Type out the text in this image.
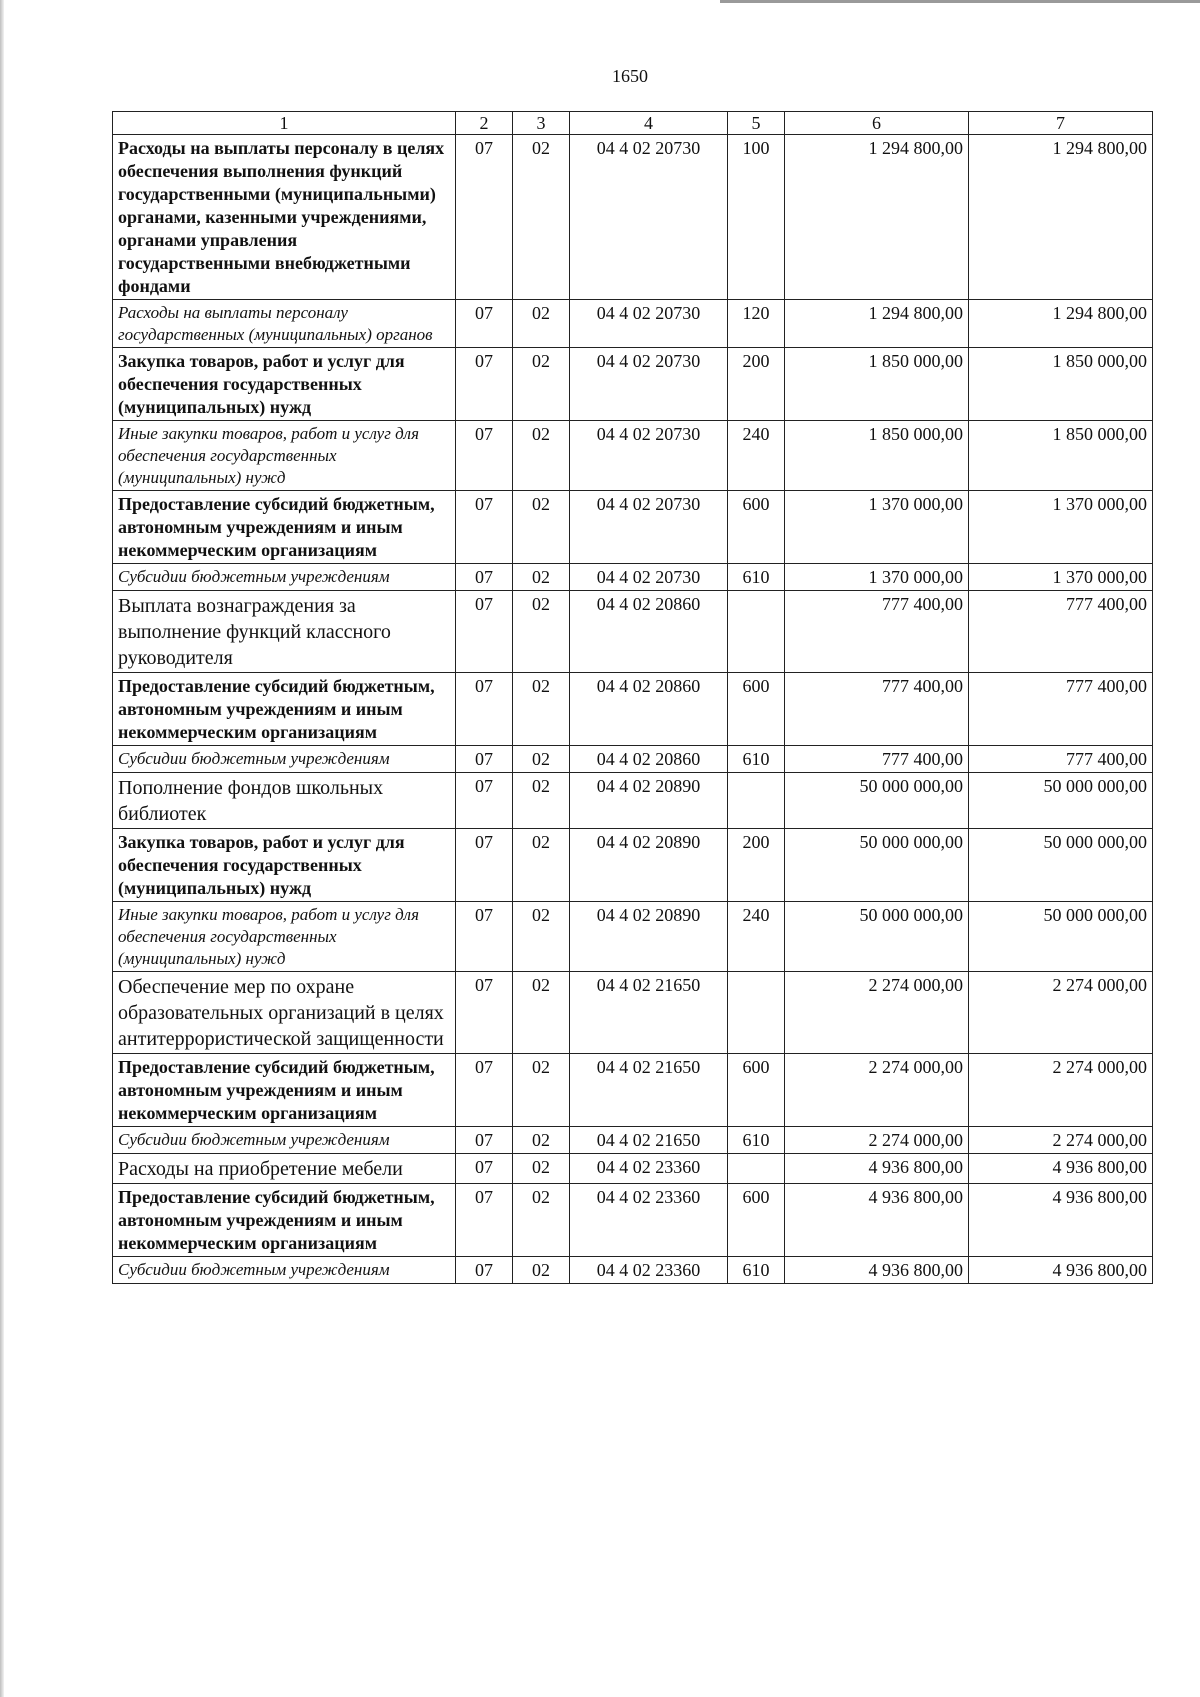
1650
1	2	3	4	5	6	7
Расходы на выплаты персоналу в целях обеспечения выполнения функций государственными (муниципальными) органами, казенными учреждениями, органами управления государственными внебюджетными фондами	07	02	04 4 02 20730	100	1 294 800,00	1 294 800,00
Расходы на выплаты персоналу государственных (муниципальных) органов	07	02	04 4 02 20730	120	1 294 800,00	1 294 800,00
Закупка товаров, работ и услуг для обеспечения государственных (муниципальных) нужд	07	02	04 4 02 20730	200	1 850 000,00	1 850 000,00
Иные закупки товаров, работ и услуг для обеспечения государственных (муниципальных) нужд	07	02	04 4 02 20730	240	1 850 000,00	1 850 000,00
Предоставление субсидий бюджетным, автономным учреждениям и иным некоммерческим организациям	07	02	04 4 02 20730	600	1 370 000,00	1 370 000,00
Субсидии бюджетным учреждениям	07	02	04 4 02 20730	610	1 370 000,00	1 370 000,00
Выплата вознаграждения за выполнение функций классного руководителя	07	02	04 4 02 20860		777 400,00	777 400,00
Предоставление субсидий бюджетным, автономным учреждениям и иным некоммерческим организациям	07	02	04 4 02 20860	600	777 400,00	777 400,00
Субсидии бюджетным учреждениям	07	02	04 4 02 20860	610	777 400,00	777 400,00
Пополнение фондов школьных библиотек	07	02	04 4 02 20890		50 000 000,00	50 000 000,00
Закупка товаров, работ и услуг для обеспечения государственных (муниципальных) нужд	07	02	04 4 02 20890	200	50 000 000,00	50 000 000,00
Иные закупки товаров, работ и услуг для обеспечения государственных (муниципальных) нужд	07	02	04 4 02 20890	240	50 000 000,00	50 000 000,00
Обеспечение мер по охране образовательных организаций в целях антитеррористической защищенности	07	02	04 4 02 21650		2 274 000,00	2 274 000,00
Предоставление субсидий бюджетным, автономным учреждениям и иным некоммерческим организациям	07	02	04 4 02 21650	600	2 274 000,00	2 274 000,00
Субсидии бюджетным учреждениям	07	02	04 4 02 21650	610	2 274 000,00	2 274 000,00
Расходы на приобретение мебели	07	02	04 4 02 23360		4 936 800,00	4 936 800,00
Предоставление субсидий бюджетным, автономным учреждениям и иным некоммерческим организациям	07	02	04 4 02 23360	600	4 936 800,00	4 936 800,00
Субсидии бюджетным учреждениям	07	02	04 4 02 23360	610	4 936 800,00	4 936 800,00
